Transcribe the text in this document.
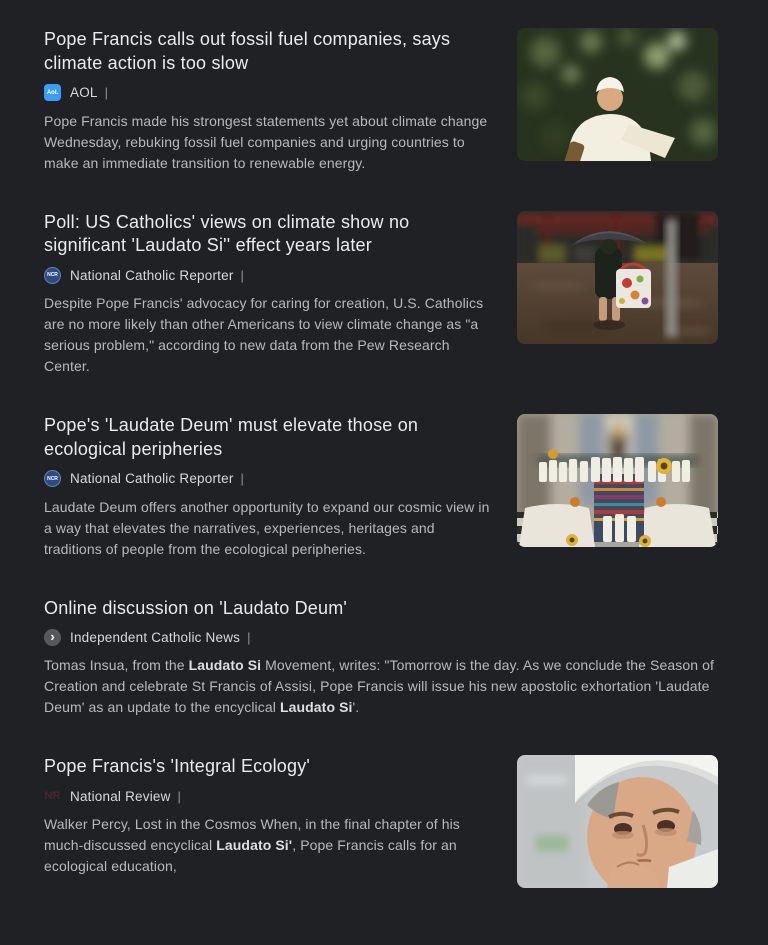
Pope Francis calls out fossil fuel companies, says climate action is too slow
Aol. AOL |

Pope Francis made his strongest statements yet about climate change Wednesday, rebuking fossil fuel companies and urging countries to make an immediate transition to renewable energy.

Poll: US Catholics' views on climate show no significant 'Laudato Si'' effect years later
NCR National Catholic Reporter |

Despite Pope Francis' advocacy for caring for creation, U.S. Catholics are no more likely than other Americans to view climate change as "a serious problem," according to new data from the Pew Research Center.

Pope's 'Laudate Deum' must elevate those on ecological peripheries
NCR National Catholic Reporter |

Laudate Deum offers another opportunity to expand our cosmic view in a way that elevates the narratives, experiences, heritages and traditions of people from the ecological peripheries.

Online discussion on 'Laudato Deum'
›	Independent Catholic News |

Tomas Insua, from the Laudato Si Movement, writes: "Tomorrow is the day. As we conclude the Season of Creation and celebrate St Francis of Assisi, Pope Francis will issue his new apostolic exhortation 'Laudate Deum' as an update to the encyclical Laudato Si'.

Pope Francis's 'Integral Ecology'
NR National Review |

Walker Percy, Lost in the Cosmos When, in the final chapter of his much-discussed encyclical Laudato Si', Pope Francis calls for an ecological education,
